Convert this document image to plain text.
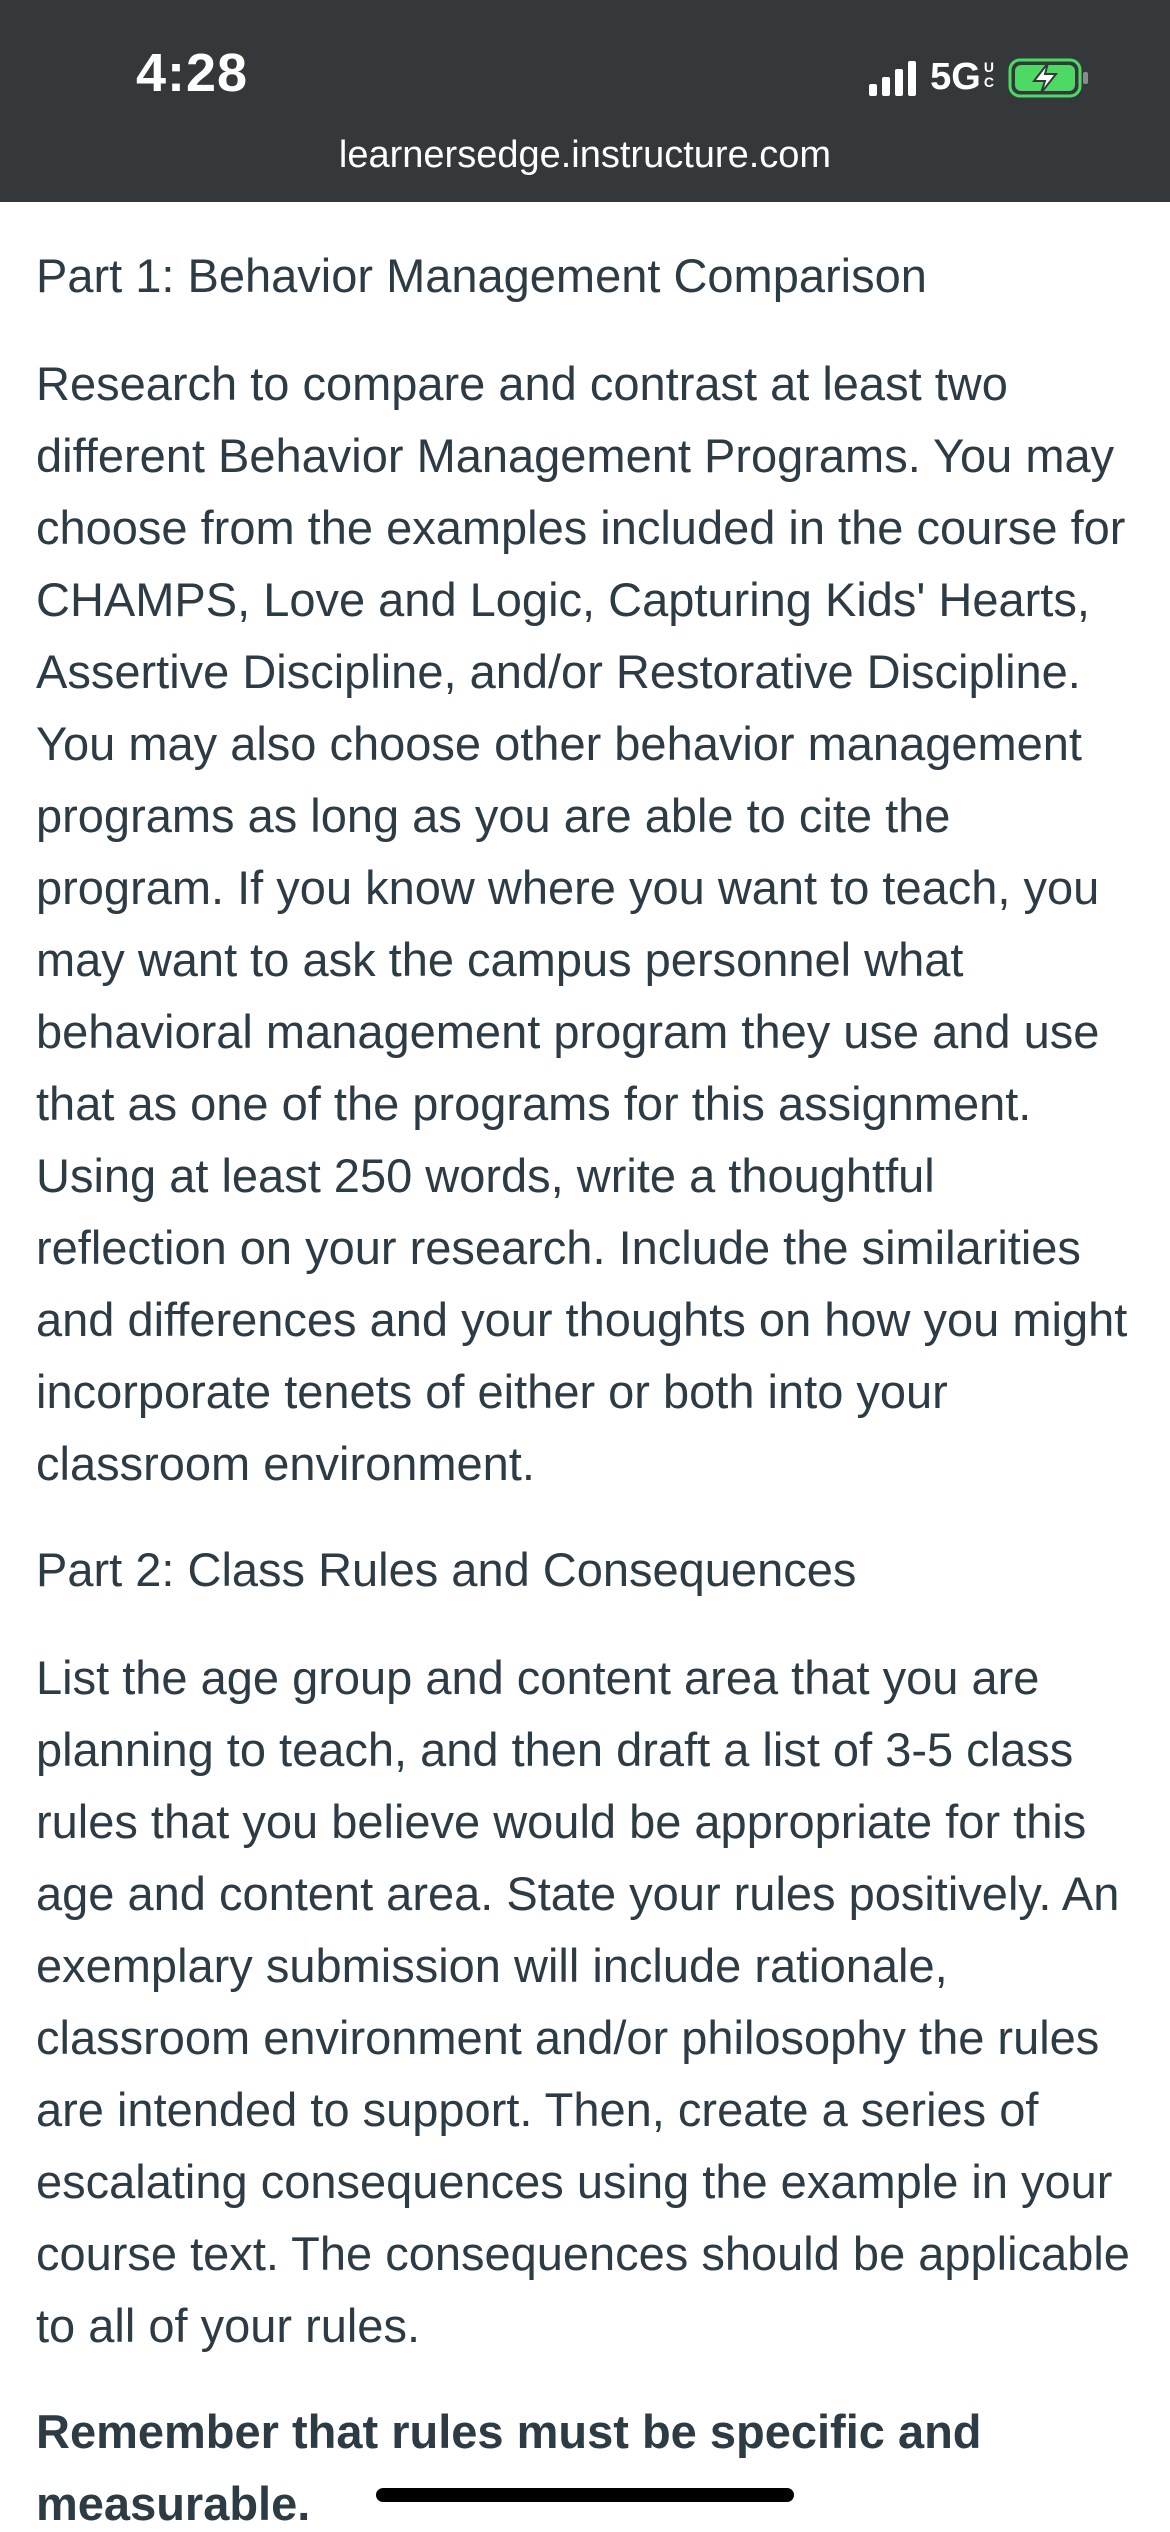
4:28	5G U
C
learnersedge.instructure.com

Part 1: Behavior Management Comparison

Research to compare and contrast at least two different Behavior Management Programs. You may choose from the examples included in the course for CHAMPS, Love and Logic, Capturing Kids' Hearts, Assertive Discipline, and/or Restorative Discipline. You may also choose other behavior management programs as long as you are able to cite the program. If you know where you want to teach, you may want to ask the campus personnel what behavioral management program they use and use that as one of the programs for this assignment. Using at least 250 words, write a thoughtful reflection on your research. Include the similarities and differences and your thoughts on how you might incorporate tenets of either or both into your classroom environment.

Part 2: Class Rules and Consequences

List the age group and content area that you are planning to teach, and then draft a list of 3-5 class rules that you believe would be appropriate for this age and content area. State your rules positively. An exemplary submission will include rationale, classroom environment and/or philosophy the rules are intended to support. Then, create a series of escalating consequences using the example in your course text. The consequences should be applicable to all of your rules.

Remember that rules must be specific and measurable.
